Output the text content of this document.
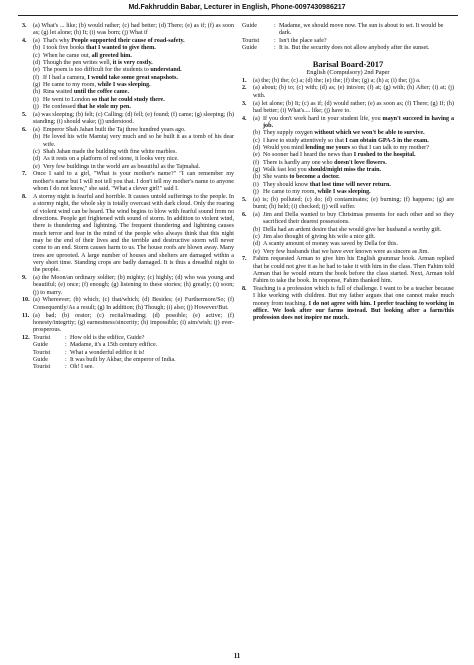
Md.Fakhruddin Babar, Lecturer in English, Phone-0097430986217
3.	(a) What's ... like; (b) would rather; (c) had better; (d) There; (e) as if; (f) as soon as; (g) let alone; (h) It; (i) was born; (j) What if
4.	(a) That's why People supported their cause of road-safety.
(b) I took five books that I wanted to give them.
(c) When he came out, all greeted him.
(d) Though the pen writes well, it is very costly.
(e) The poem is too difficult for the students to understand.
(f) If I had a camera, I would take some great snapshots.
(g) He came to my room, while I was sleeping.
(h) Rina waited until the coffee came.
(i) He went to London so that he could study there.
(j) He confessed that he stole my pen.
5.	(a) was sleeping; (b) felt; (c) Calling; (d) fell; (e) found; (f) came; (g) sleeping; (h) standing; (i) should wake; (j) understood.
6.	(a) Emperor Shah Jahan built the Taj three hundred years ago.
(b) He loved his wife Mamtaj very much and so he built it as a tomb of his dear wife.
(c) Shah Jahan made the building with fine white marbles.
(d) As it rests on a platform of red stone, it looks very nice.
(e) Very few buildings in the world are as beautiful as the Tajmahal.
7.	Once I said to a girl, "What is your mother's name?" "I can remember my mother's name but I will not tell you that. I don't tell my mother's name to anyone whom I do not know," she said. "What a clever girl!" said I.
8.	A stormy night is fearful and horrible. It causes untold sufferings to the people. In a stormy night, the whole sky is totally overcast with dark cloud. Only the roaring of violent wind can be heard. The wind begins to blow with fearful sound from no directions. People get frightened with sound of storm. In addition to violent wind, there is thundering and lightning. The frequent thundering and lightning causes much terror and fear in the mind of the people who always think that this night may be the end of their lives and the terrible and destructive storm will never come to an end. Storm causes harm to us. The house roofs are blown away. Many trees are uprooted. A large number of houses and shelters are damaged within a very short time. Standing crops are badly damaged. It is thus a dreadful night to the people.
9.	(a) the Moon/an ordinary soldier; (b) mighty; (c) highly; (d) who was young and beautiful; (e) once; (f) enough; (g) listening to these stories; (h) greatly; (i) soon; (j) to marry.
10. (a) Whereever; (b) which; (c) that/which; (d) Besides; (e) Furthermore/So; (f) Consequently/As a result; (g) In addition; (h) Though; (i) also; (j) However/But.
11. (a) bad; (b) orator; (c) recital/reading; (d) possible; (e) active; (f) honesty/integrity; (g) earnestness/sincerity; (h) impossible; (i) aim/wish; (j) ever-prosperous.
12. Tourist	: How old is the edifice, Guide?
Guide	: Madame, it's a 15th century edifice.
Tourist	: What a wonderful edifice it is!
Guide	: It was built by Akbar, the emperor of India.
Tourist	: Oh! I see.
Guide	: Madame, we should move now. The sun is about to set. It would be dark.
Tourist	: Isn't the place safe?
Guide	: It is. But the security does not allow anybody after the sunset.
Barisal Board-2017
English (Compulsory) 2nd Paper
1.	(a) the; (b) the; (c) a; (d) the; (e) the; (f) the; (g) a; (h) a; (i) the; (j) a.
2.	(a) about; (b) to; (c) with; (d) as; (e) into/on; (f) at; (g) with; (h) After; (i) at; (j) with.
3.	(a) let alone; (b) It; (c) as if; (d) would rather; (e) as soon as; (f) There; (g) If; (h) had better; (i) What's.... like; (j) have to.
4.	(a) If you don't work hard in your student life, you mayn't succeed in having a job.
(b) They supply oxygen without which we won't be able to survive.
(c) I have to study attentively so that I can obtain GPA-5 in the exam.
(d) Would you mind lending me yours so that I can talk to my mother?
(e) No sooner had I heard the news than I rushed to the hospital.
(f) There is hardly any one who doesn't love flowers.
(g) Walk fast lest you should/might miss the train.
(h) She wants to become a doctor.
(i) They should know that lost time will never return.
(j) He came to my room, while I was sleeping.
5.	(a) is; (b) polluted; (c) do; (d) contaminates; (e) burning; (f) happens; (g) are burnt; (h) held; (i) checked; (j) will suffer.
6.	(a) Jim and Della wanted to buy Christmas presents for each other and so they sacrificed their dearest possessions.
(b) Della had an ardent desire that she would give her husband a worthy gift.
(c) Jim also thought of giving his wife a nice gift.
(d) A scanty amount of money was saved by Della for this.
(e) Very few husbands that we have ever known were as sincere as Jim.
7.	Fahim requested Arman to give him his English grammar book. Arman replied that he could not give it as he had to take it with him in the class. Then Fahim told Arman that he would return the book before the class started. Next, Arman told Fahim to take the book. In response, Fahim thanked him.
8.	Teaching is a profession which is full of challenge. I want to be a teacher because I like working with children. But my father argues that one cannot make much money from teaching. I do not agree with him. I prefer teaching to working in office. We look after our farms instead. But looking after a farm/this profession does not inspire me much.
11
